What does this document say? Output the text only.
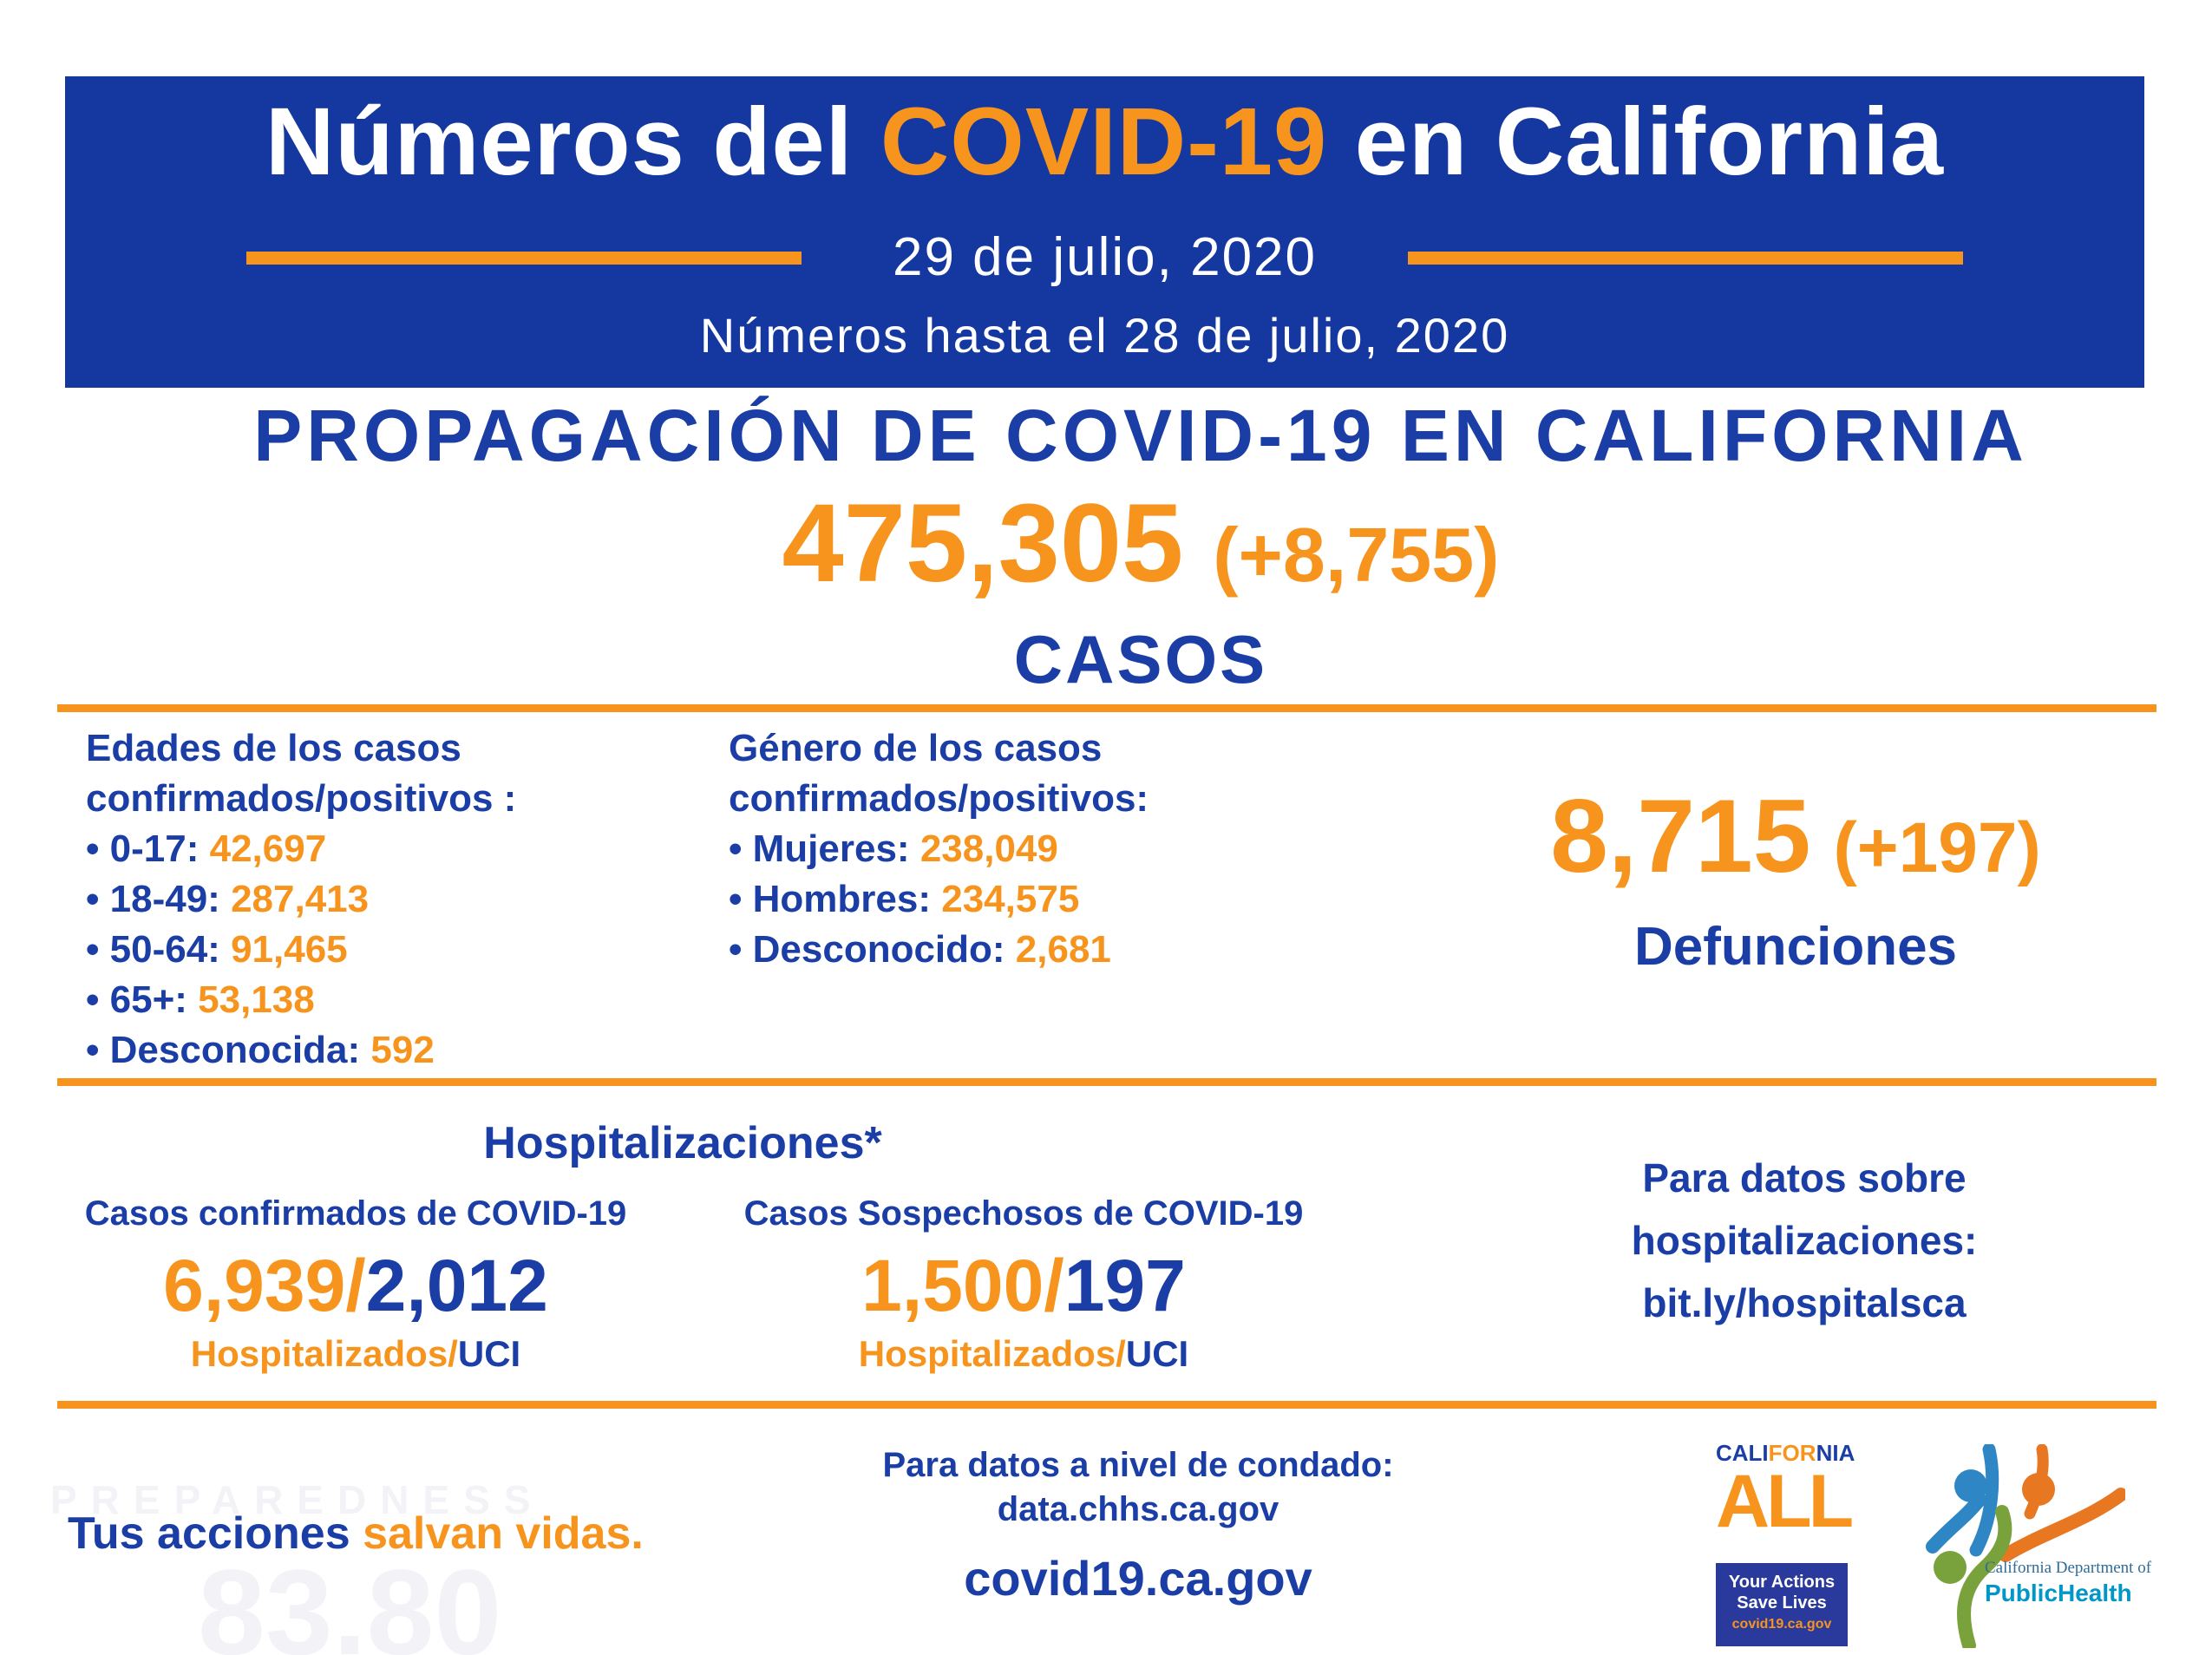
Números del COVID-19 en California
29 de julio, 2020
Números hasta el 28 de julio, 2020
PROPAGACIÓN DE COVID-19 EN CALIFORNIA
475,305 (+8,755)
CASOS
Edades de los casos
confirmados/positivos :
• 0-17: 42,697
• 18-49: 287,413
• 50-64: 91,465
• 65+: 53,138
• Desconocida: 592
Género de los casos
confirmados/positivos:
• Mujeres: 238,049
• Hombres: 234,575
• Desconocido: 2,681
8,715 (+197)
Defunciones
Hospitalizaciones*
Casos confirmados de COVID-19
6,939/2,012
Hospitalizados/UCI
Casos Sospechosos de COVID-19
1,500/197
Hospitalizados/UCI
Para datos sobre
hospitalizaciones:
bit.ly/hospitalsca
PREPAREDNESS
83.80
Tus acciones salvan vidas.
Para datos a nivel de condado:
data.chhs.ca.gov
covid19.ca.gov
CALIFORNIA
ALL
Your Actions
Save Lives
covid19.ca.gov
California Department of
PublicHealth
